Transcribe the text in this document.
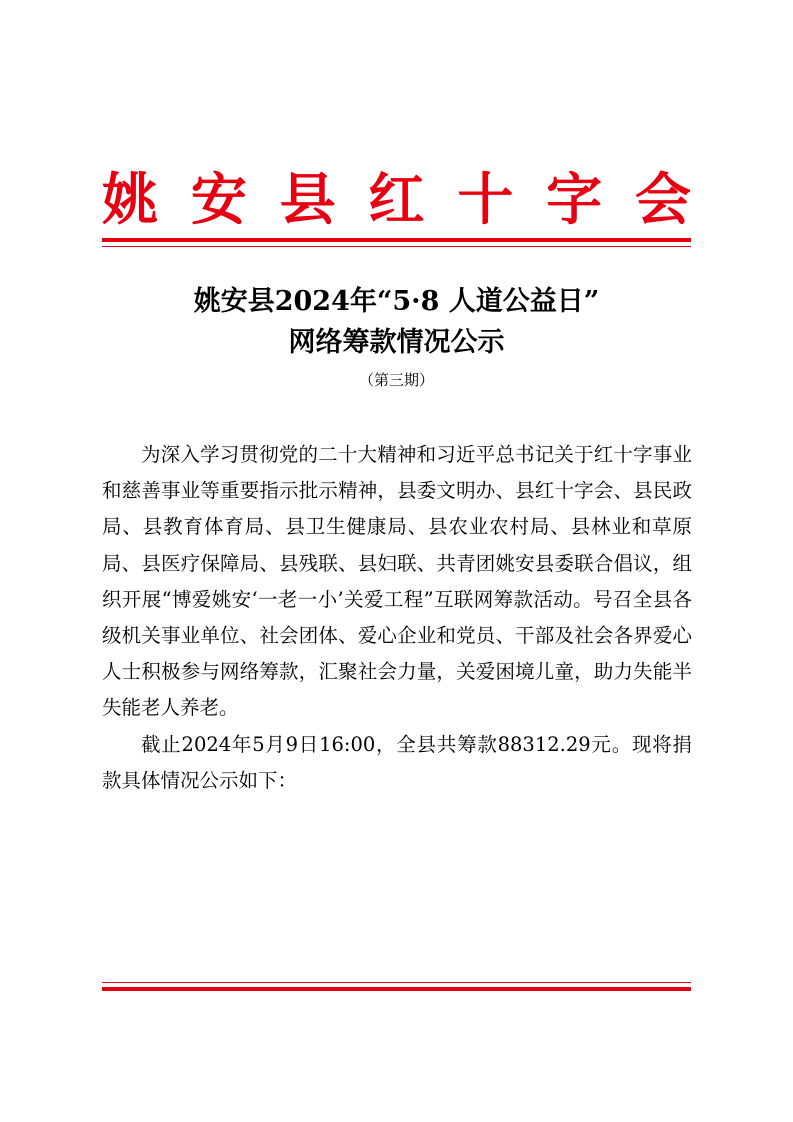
姚 安 县 红 十 字 会
姚安县2024年“5·8 人道公益日”
网络筹款情况公示
（第三期）

为深入学习贯彻党的二十大精神和习近平总书记关于红十字事业和慈善事业等重要指示批示精神，县委文明办、县红十字会、县民政局、县教育体育局、县卫生健康局、县农业农村局、县林业和草原局、县医疗保障局、县残联、县妇联、共青团姚安县委联合倡议，组织开展“博爱姚安‘一老一小’关爱工程”互联网筹款活动。号召全县各级机关事业单位、社会团体、爱心企业和党员、干部及社会各界爱心人士积极参与网络筹款，汇聚社会力量，关爱困境儿童，助力失能半失能老人养老。

截止2024年5月9日16:00，全县共筹款88312.29元。现将捐款具体情况公示如下：
